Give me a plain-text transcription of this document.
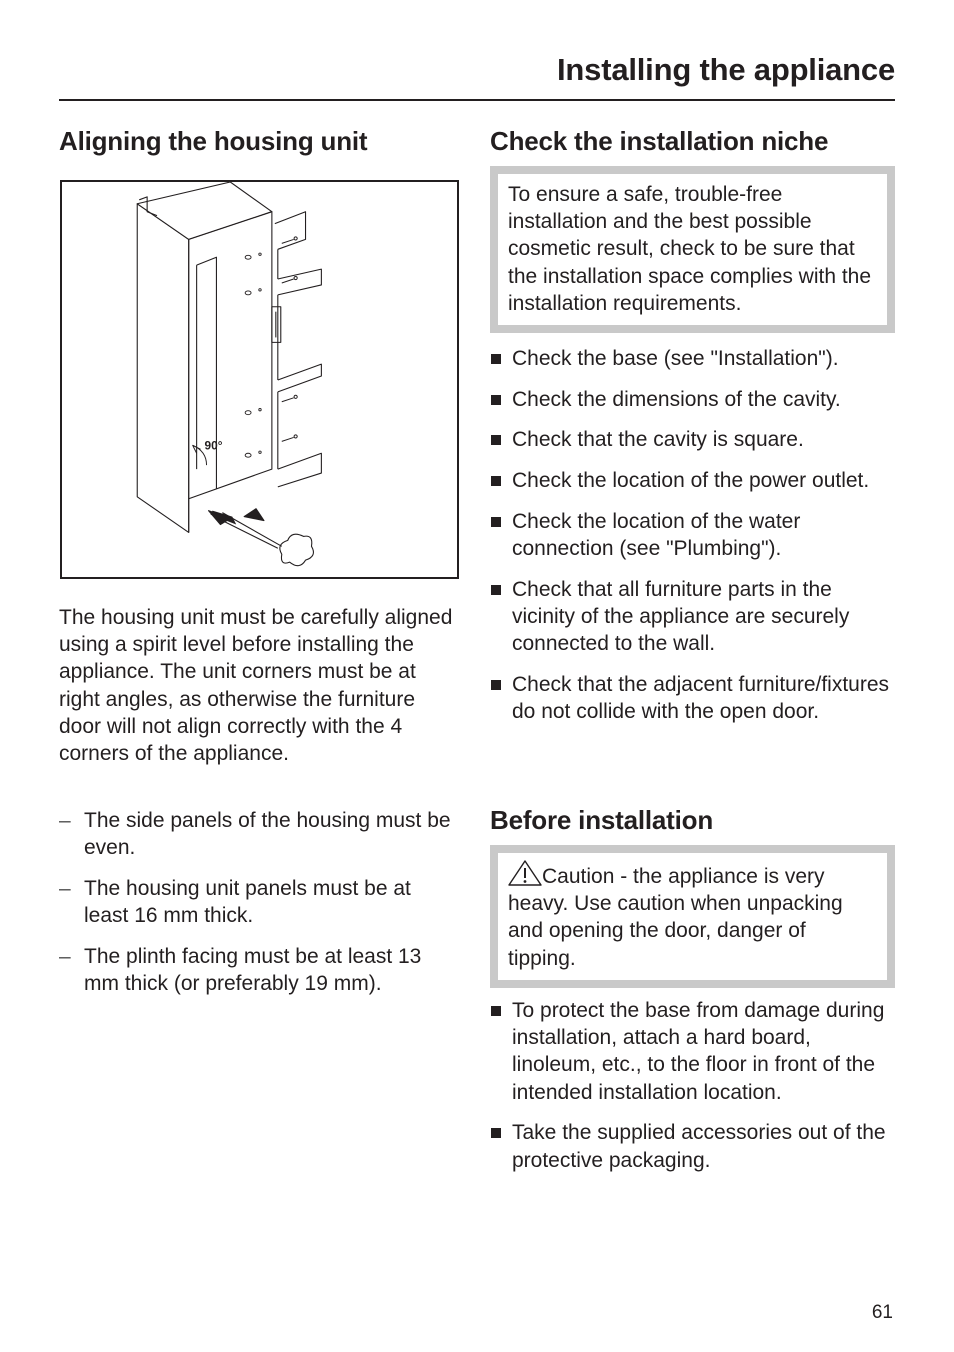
Installing the appliance
Aligning the housing unit
90°

The housing unit must be carefully aligned using a spirit level before installing the appliance. The unit corners must be at right angles, as otherwise the furniture door will not align correctly with the 4 corners of the appliance.

– The side panels of the housing must be even.
– The housing unit panels must be at least 16 mm thick.
– The plinth facing must be at least 13 mm thick (or preferably 19 mm).
Check the installation niche

To ensure a safe, trouble-free installation and the best possible cosmetic result, check to be sure that the installation space complies with the installation requirements.

Check the base (see "Installation").
Check the dimensions of the cavity.
Check that the cavity is square.
Check the location of the power outlet.
Check the location of the water connection (see "Plumbing").
Check that all furniture parts in the vicinity of the appliance are securely connected to the wall.
Check that the adjacent furniture/fixtures do not collide with the open door.
Before installation

Caution - the appliance is very heavy. Use caution when unpacking and opening the door, danger of tipping.

To protect the base from damage during installation, attach a hard board, linoleum, etc., to the floor in front of the intended installation location.
Take the supplied accessories out of the protective packaging.
61
